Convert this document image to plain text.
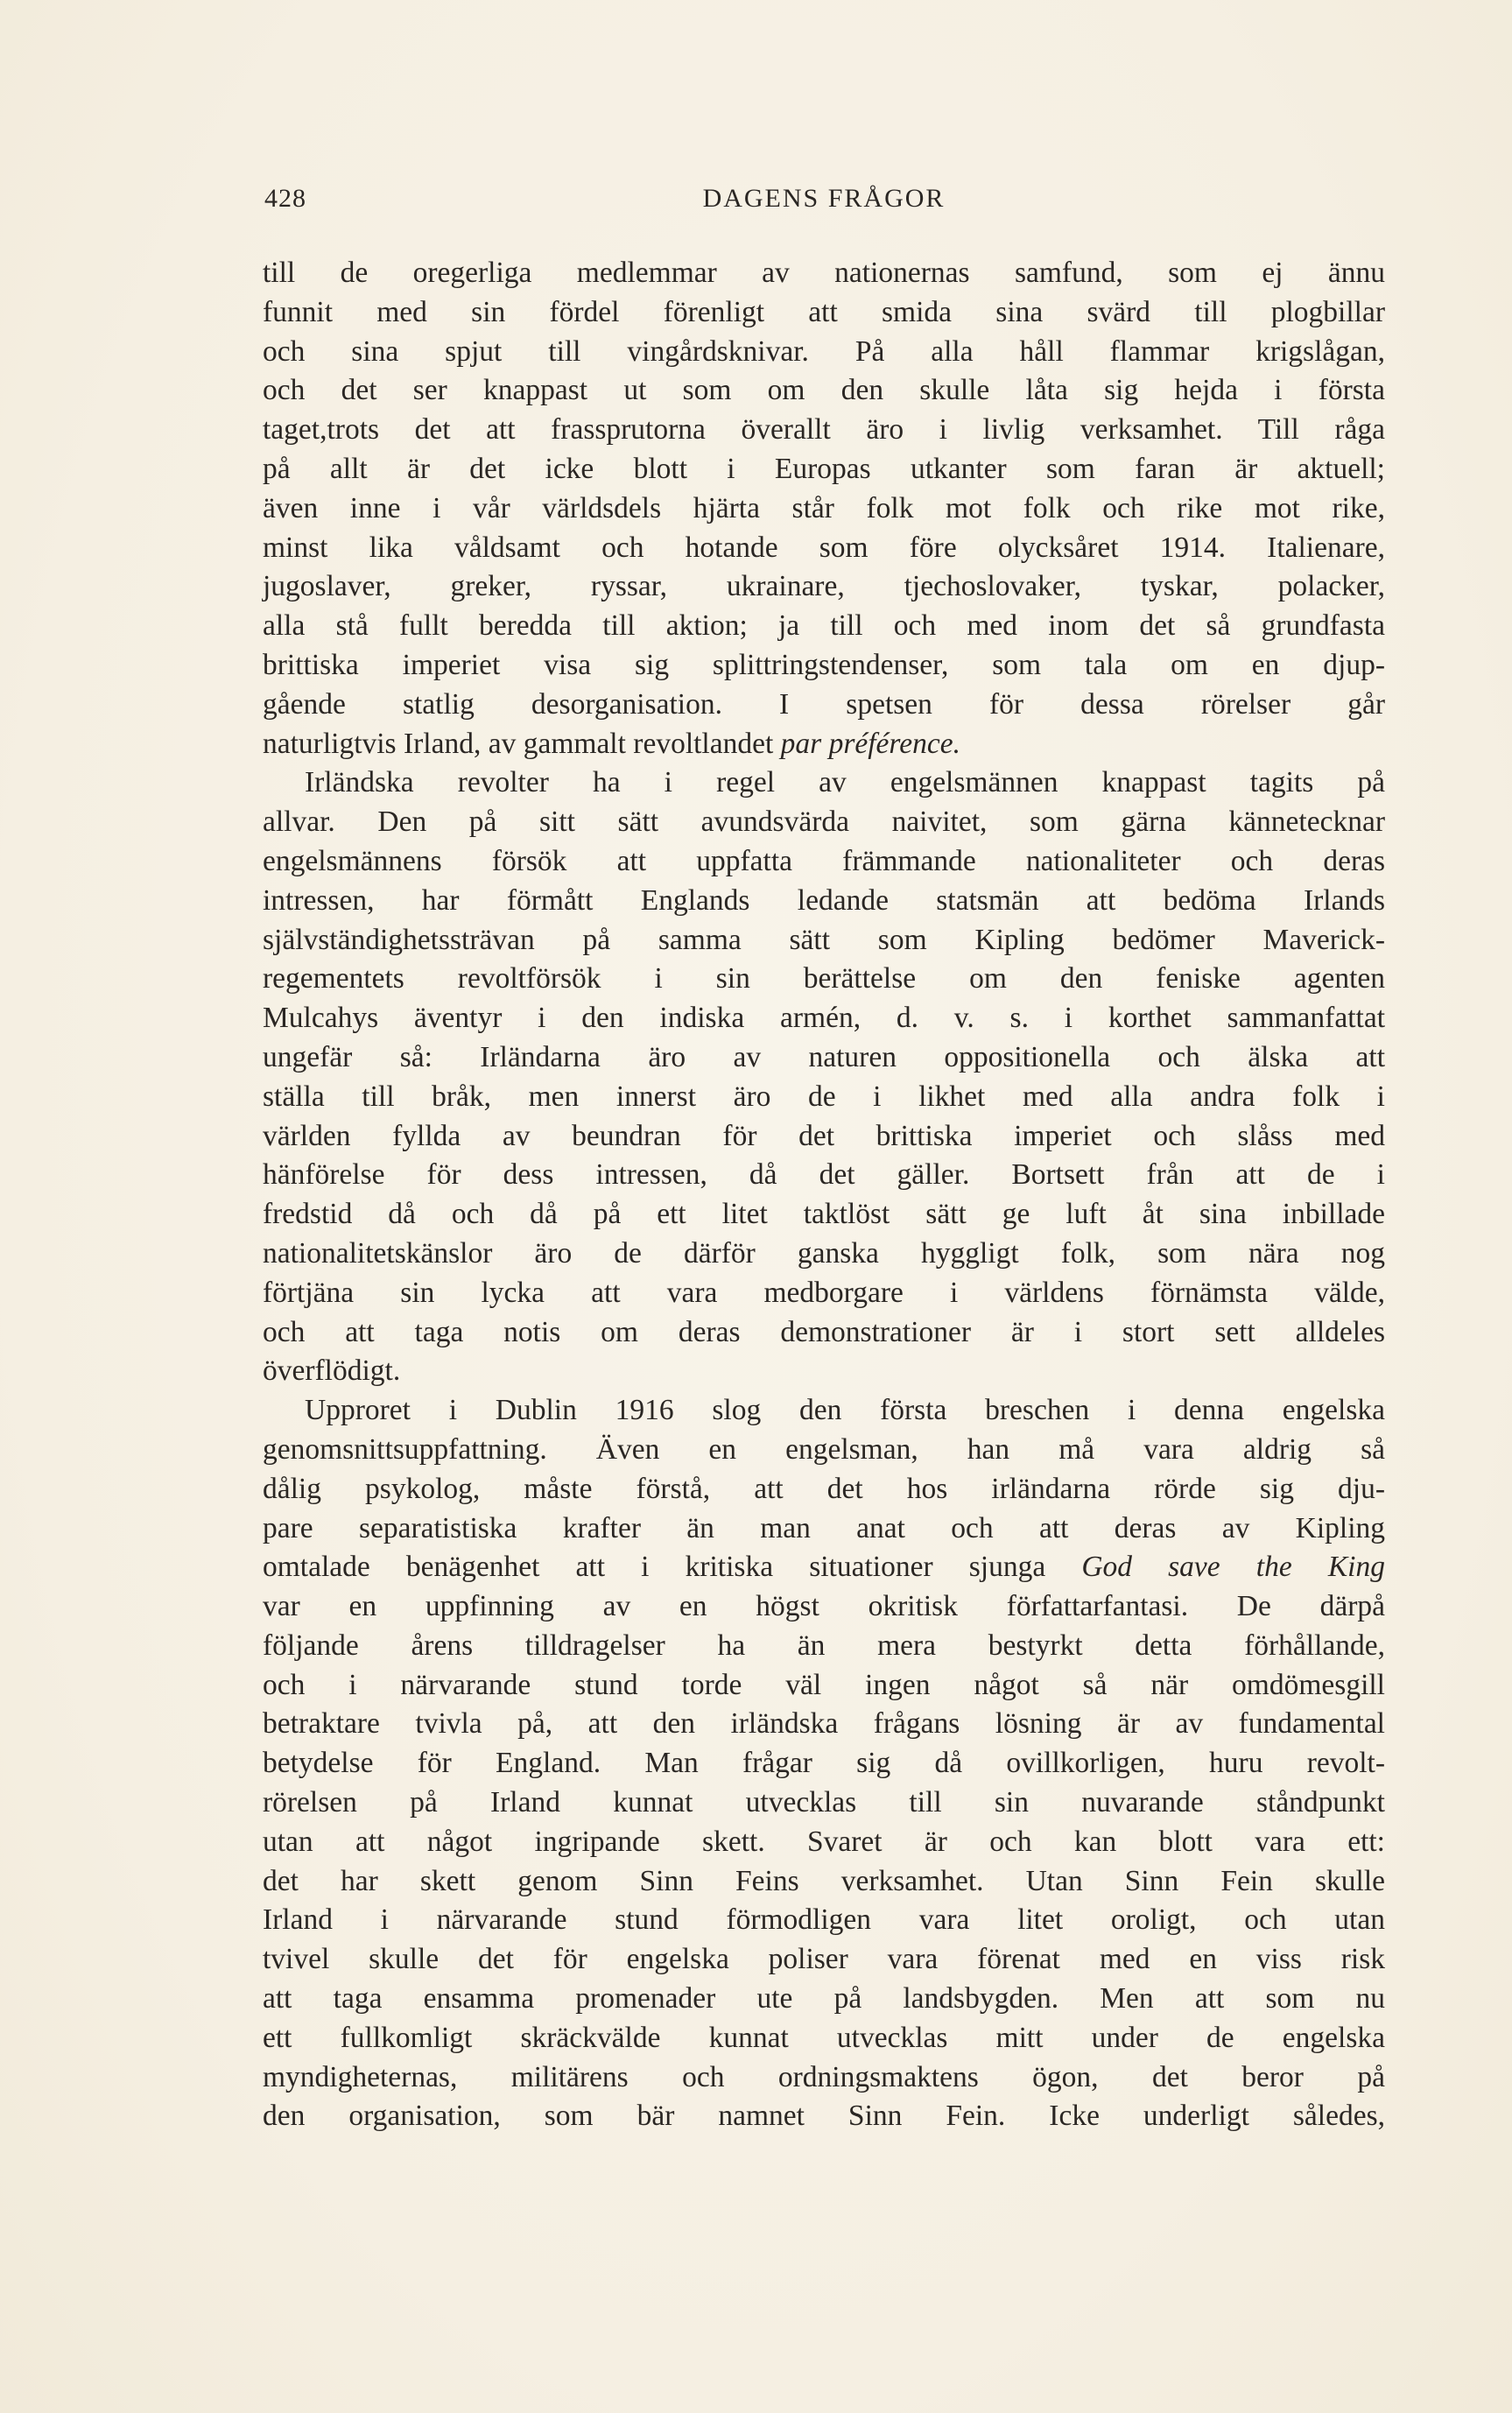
428	DAGENS FRÅGOR
till de oregerliga medlemmar av nationernas samfund, som ej ännu
funnit med sin fördel förenligt att smida sina svärd till plogbillar
och sina spjut till vingårdsknivar. På alla håll flammar krigslågan,
och det ser knappast ut som om den skulle låta sig hejda i första
taget,trots det att frassprutorna överallt äro i livlig verksamhet. Till råga
på allt är det icke blott i Europas utkanter som faran är aktuell;
även inne i vår världsdels hjärta står folk mot folk och rike mot rike,
minst lika våldsamt och hotande som före olycksåret 1914. Italienare,
jugoslaver, greker, ryssar, ukrainare, tjechoslovaker, tyskar, polacker,
alla stå fullt beredda till aktion; ja till och med inom det så grundfasta
brittiska imperiet visa sig splittringstendenser, som tala om en djup-
gående statlig desorganisation. I spetsen för dessa rörelser går
naturligtvis Irland, av gammalt revoltlandet par préférence.
Irländska revolter ha i regel av engelsmännen knappast tagits på
allvar. Den på sitt sätt avundsvärda naivitet, som gärna kännetecknar
engelsmännens försök att uppfatta främmande nationaliteter och deras
intressen, har förmått Englands ledande statsmän att bedöma Irlands
självständighetssträvan på samma sätt som Kipling bedömer Maverick-
regementets revoltförsök i sin berättelse om den feniske agenten
Mulcahys äventyr i den indiska armén, d. v. s. i korthet sammanfattat
ungefär så: Irländarna äro av naturen oppositionella och älska att
ställa till bråk, men innerst äro de i likhet med alla andra folk i
världen fyllda av beundran för det brittiska imperiet och slåss med
hänförelse för dess intressen, då det gäller. Bortsett från att de i
fredstid då och då på ett litet taktlöst sätt ge luft åt sina inbillade
nationalitetskänslor äro de därför ganska hyggligt folk, som nära nog
förtjäna sin lycka att vara medborgare i världens förnämsta välde,
och att taga notis om deras demonstrationer är i stort sett alldeles
överflödigt.
Upproret i Dublin 1916 slog den första breschen i denna engelska
genomsnittsuppfattning. Även en engelsman, han må vara aldrig så
dålig psykolog, måste förstå, att det hos irländarna rörde sig dju-
pare separatistiska krafter än man anat och att deras av Kipling
omtalade benägenhet att i kritiska situationer sjunga God save the King
var en uppfinning av en högst okritisk författarfantasi. De därpå
följande årens tilldragelser ha än mera bestyrkt detta förhållande,
och i närvarande stund torde väl ingen något så när omdömesgill
betraktare tvivla på, att den irländska frågans lösning är av fundamental
betydelse för England. Man frågar sig då ovillkorligen, huru revolt-
rörelsen på Irland kunnat utvecklas till sin nuvarande ståndpunkt
utan att något ingripande skett. Svaret är och kan blott vara ett:
det har skett genom Sinn Feins verksamhet. Utan Sinn Fein skulle
Irland i närvarande stund förmodligen vara litet oroligt, och utan
tvivel skulle det för engelska poliser vara förenat med en viss risk
att taga ensamma promenader ute på landsbygden. Men att som nu
ett fullkomligt skräckvälde kunnat utvecklas mitt under de engelska
myndigheternas, militärens och ordningsmaktens ögon, det beror på
den organisation, som bär namnet Sinn Fein. Icke underligt således,
